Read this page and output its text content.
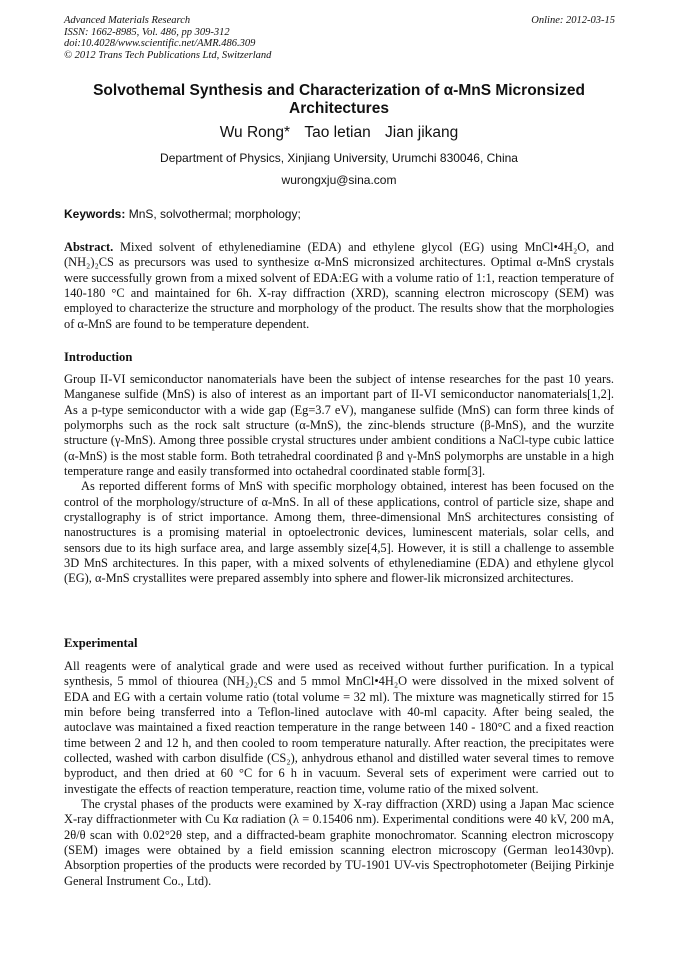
Advanced Materials Research
ISSN: 1662-8985, Vol. 486, pp 309-312
doi:10.4028/www.scientific.net/AMR.486.309
© 2012 Trans Tech Publications Ltd, Switzerland
Online: 2012-03-15
Solvothemal Synthesis and Characterization of α-MnS Micronsized Architectures
Wu Rong* Tao letian Jian jikang
Department of Physics, Xinjiang University, Urumchi 830046, China
wurongxju@sina.com
Keywords: MnS, solvothermal; morphology;
Abstract. Mixed solvent of ethylenediamine (EDA) and ethylene glycol (EG) using MnCl•4H₂O, and (NH₂)₂CS as precursors was used to synthesize α-MnS micronsized architectures. Optimal α-MnS crystals were successfully grown from a mixed solvent of EDA:EG with a volume ratio of 1:1, reaction temperature of 140-180 °C and maintained for 6h. X-ray diffraction (XRD), scanning electron microscopy (SEM) was employed to characterize the structure and morphology of the product. The results show that the morphologies of α-MnS are found to be temperature dependent.
Introduction

Group II-VI semiconductor nanomaterials have been the subject of intense researches for the past 10 years. Manganese sulfide (MnS) is also of interest as an important part of II-VI semiconductor nanomaterials[1,2]. As a p-type semiconductor with a wide gap (Eg=3.7 eV), manganese sulfide (MnS) can form three kinds of polymorphs such as the rock salt structure (α-MnS), the zinc-blends structure (β-MnS), and the wurzite structure (γ-MnS). Among three possible crystal structures under ambient conditions a NaCl-type cubic lattice (α-MnS) is the most stable form. Both tetrahedral coordinated β and γ-MnS polymorphs are unstable in a high temperature range and easily transformed into octahedral coordinated stable form[3].

As reported different forms of MnS with specific morphology obtained, interest has been focused on the control of the morphology/structure of α-MnS. In all of these applications, control of particle size, shape and crystallography is of strict importance. Among them, three-dimensional MnS architectures consisting of nanostructures is a promising material in optoelectronic devices, luminescent materials, solar cells, and sensors due to its high surface area, and large assembly size[4,5]. However, it is still a challenge to assemble 3D MnS architectures. In this paper, with a mixed solvents of ethylenediamine (EDA) and ethylene glycol (EG), α-MnS crystallites were prepared assembly into sphere and flower-lik micronsized architectures.

Experimental

All reagents were of analytical grade and were used as received without further purification. In a typical synthesis, 5 mmol of thiourea (NH₂)₂CS and 5 mmol MnCl•4H₂O were dissolved in the mixed solvent of EDA and EG with a certain volume ratio (total volume = 32 ml). The mixture was magnetically stirred for 15 min before being transferred into a Teflon-lined autoclave with 40-ml capacity. After being sealed, the autoclave was maintained a fixed reaction temperature in the range between 140 - 180°C and a fixed reaction time between 2 and 12 h, and then cooled to room temperature naturally. After reaction, the precipitates were collected, washed with carbon disulfide (CS₂), anhydrous ethanol and distilled water several times to remove byproduct, and then dried at 60 °C for 6 h in vacuum. Several sets of experiment were carried out to investigate the effects of reaction temperature, reaction time, volume ratio of the mixed solvent.

The crystal phases of the products were examined by X-ray diffraction (XRD) using a Japan Mac science X-ray diffractionmeter with Cu Kα radiation (λ = 0.15406 nm). Experimental conditions were 40 kV, 200 mA, 2θ/θ scan with 0.02°2θ step, and a diffracted-beam graphite monochromator. Scanning electron microscopy (SEM) images were obtained by a field emission scanning electron microscopy (German leo1430vp). Absorption properties of the products were recorded by TU-1901 UV-vis Spectrophotometer (Beijing Pirkinje General Instrument Co., Ltd).
